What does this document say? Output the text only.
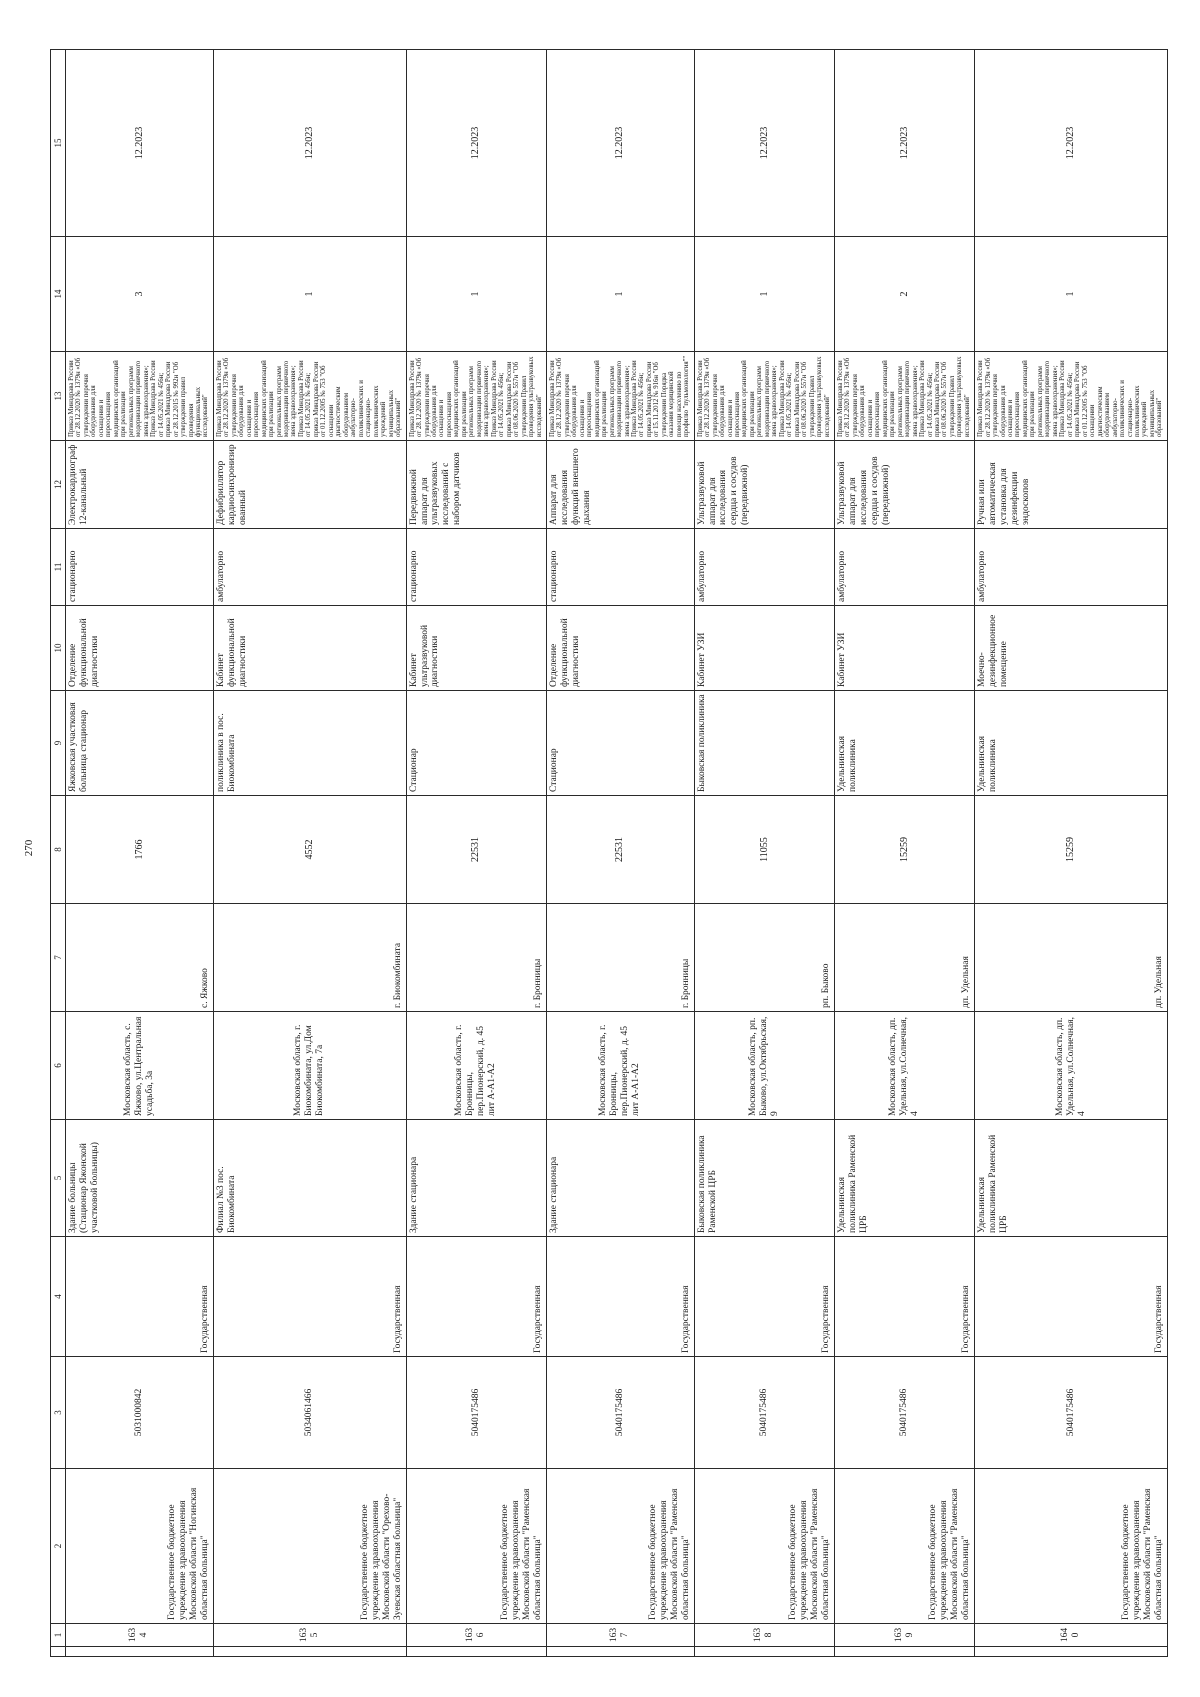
270
	1	2	3	4	5	6	7	8	9	10	11	12	13	14	15
	1634	Государственное бюджетное учреждение здравоохранения Московской области "Ногинская областная больница"	5031000842	Государственная	Здание больницы (Стационар Яжонской участковой больницы)	Московская область, с. Яжково, ул.Центральная усадьба, 3а	с. Яжково	1766	Яжковская участковая больница стационар	Отделение функциональной диагностики	стационарно	Электрокардиограф 12-канальный	Приказ Минздрава России от 28.12.2020 № 1379н «Об утверждении перечня оборудования для оснащения и переоснащения медицинских организаций при реализации региональных программ модернизации первичного звена здравоохранения»; Приказ Минздрава России от 14.05.2021 № 456н; приказ Минздрава России от 28.12.2015 № 992н "Об утверждении правил проведения функциональных исследований"	3	12.2023
	1635	Государственное бюджетное учреждение здравоохранения Московской области "Орехово-Зуевская областная больница"	5034061466	Государственная	Филиал №3 пос. Биокомбината	Московская область, г. Биокомбината, ул.Дом Биокомбината, 7а	г. Биокомбината	4552	поликлиника в пос. Биокомбината	Кабинет функциональной диагностики	амбулаторно	Дефибриллятор кардиосинхронизированный	Приказ Минздрава России от 28.12.2020 № 1379н «Об утверждении перечня оборудования для оснащения и переоснащения медицинских организаций при реализации региональных программ модернизации первичного звена здравоохранения»; Приказ Минздрава России от 14.05.2021 № 456н; приказ Минздрава России от 01.12.2005 № 753 "Об оснащении диагностическим оборудованием амбулаторно-поликлинических и стационарно-поликлинических учреждений муниципальных образований"	1	12.2023
	1636	Государственное бюджетное учреждение здравоохранения Московской области "Раменская областная больница"	5040175486	Государственная	Здание стационара	Московская область, г. Бронницы, пер.Пионерский, д. 45 лит А-А1-А2	г. Бронницы	22531	Стационар	Кабинет ультразвуковой диагностики	стационарно	Передвижной аппарат для ультразвуковых исследований с набором датчиков	Приказ Минздрава России от 28.12.2020 № 1379н «Об утверждении перечня оборудования для оснащения и переоснащения медицинских организаций при реализации региональных программ модернизации первичного звена здравоохранения»; Приказ Минздрава России от 14.05.2021 № 456н; приказ Минздрава России от 08.06.2020 № 557н "Об утверждении Правил проведения ультразвуковых исследований"	1	12.2023
	1637	Государственное бюджетное учреждение здравоохранения Московской области "Раменская областная больница"	5040175486	Государственная	Здание стационара	Московская область, г. Бронницы, пер.Пионерский, д. 45 лит А-А1-А2	г. Бронницы	22531	Стационар	Отделение функциональной диагностики	стационарно	Аппарат для исследования функций внешнего дыхания	Приказ Минздрава России от 28.12.2020 № 1379н «Об утверждении перечня оборудования для оснащения и переоснащения медицинских организаций при реализации региональных программ модернизации первичного звена здравоохранения»; Приказ Минздрава России от 14.05.2021 № 456н; приказ Минздрава России от 15.11.2012 № 916н "Об утверждении Порядка оказания медицинской помощи населению по профилю "пульмонология""	1	12.2023
	1638	Государственное бюджетное учреждение здравоохранения Московской области "Раменская областная больница"	5040175486	Государственная	Быковская поликлиника Раменской ЦРБ	Московская область, рп. Быково, ул.Октябрьская, 9	рп. Быково	11055	Быковская поликлиника	Кабинет УЗИ	амбулаторно	Ультразвуковой аппарат для исследования сердца и сосудов (передвижной)	Приказ Минздрава России от 28.12.2020 № 1379н «Об утверждении перечня оборудования для оснащения и переоснащения медицинских организаций при реализации региональных программ модернизации первичного звена здравоохранения»; Приказ Минздрава России от 14.05.2021 № 456н; приказ Минздрава России от 08.06.2020 № 557н "Об утверждении Правил проведения ультразвуковых исследований"	1	12.2023
	1639	Государственное бюджетное учреждение здравоохранения Московской области "Раменская областная больница"	5040175486	Государственная	Удельнинская поликлиника Раменской ЦРБ	Московская область, дп. Удельная, ул.Солнечная, 4	дп. Удельная	15259	Удельнинская поликлиника	Кабинет УЗИ	амбулаторно	Ультразвуковой аппарат для исследования сердца и сосудов (передвижной)	Приказ Минздрава России от 28.12.2020 № 1379н «Об утверждении перечня оборудования для оснащения и переоснащения медицинских организаций при реализации региональных программ модернизации первичного звена здравоохранения»; Приказ Минздрава России от 14.05.2021 № 456н; приказ Минздрава России от 08.06.2020 № 557н "Об утверждении Правил проведения ультразвуковых исследований"	2	12.2023
	1640	Государственное бюджетное учреждение здравоохранения Московской области "Раменская областная больница"	5040175486	Государственная	Удельнинская поликлиника Раменской ЦРБ	Московская область, дп. Удельная, ул.Солнечная, 4	дп. Удельная	15259	Удельнинская поликлиника	Моечно-дезинфекционное помещение	амбулаторно	Ручная или автоматическая установка для дезинфекции эндоскопов	Приказ Минздрава России от 28.12.2020 № 1379н «Об утверждении перечня оборудования для оснащения и переоснащения медицинских организаций при реализации региональных программ модернизации первичного звена здравоохранения»; Приказ Минздрава России от 14.05.2021 № 456н; приказ Минздрава России от 01.12.2005 № 753 "Об оснащении диагностическим оборудованием амбулаторно-поликлинических и стационарно-поликлинических учреждений муниципальных образований"	1	12.2023
